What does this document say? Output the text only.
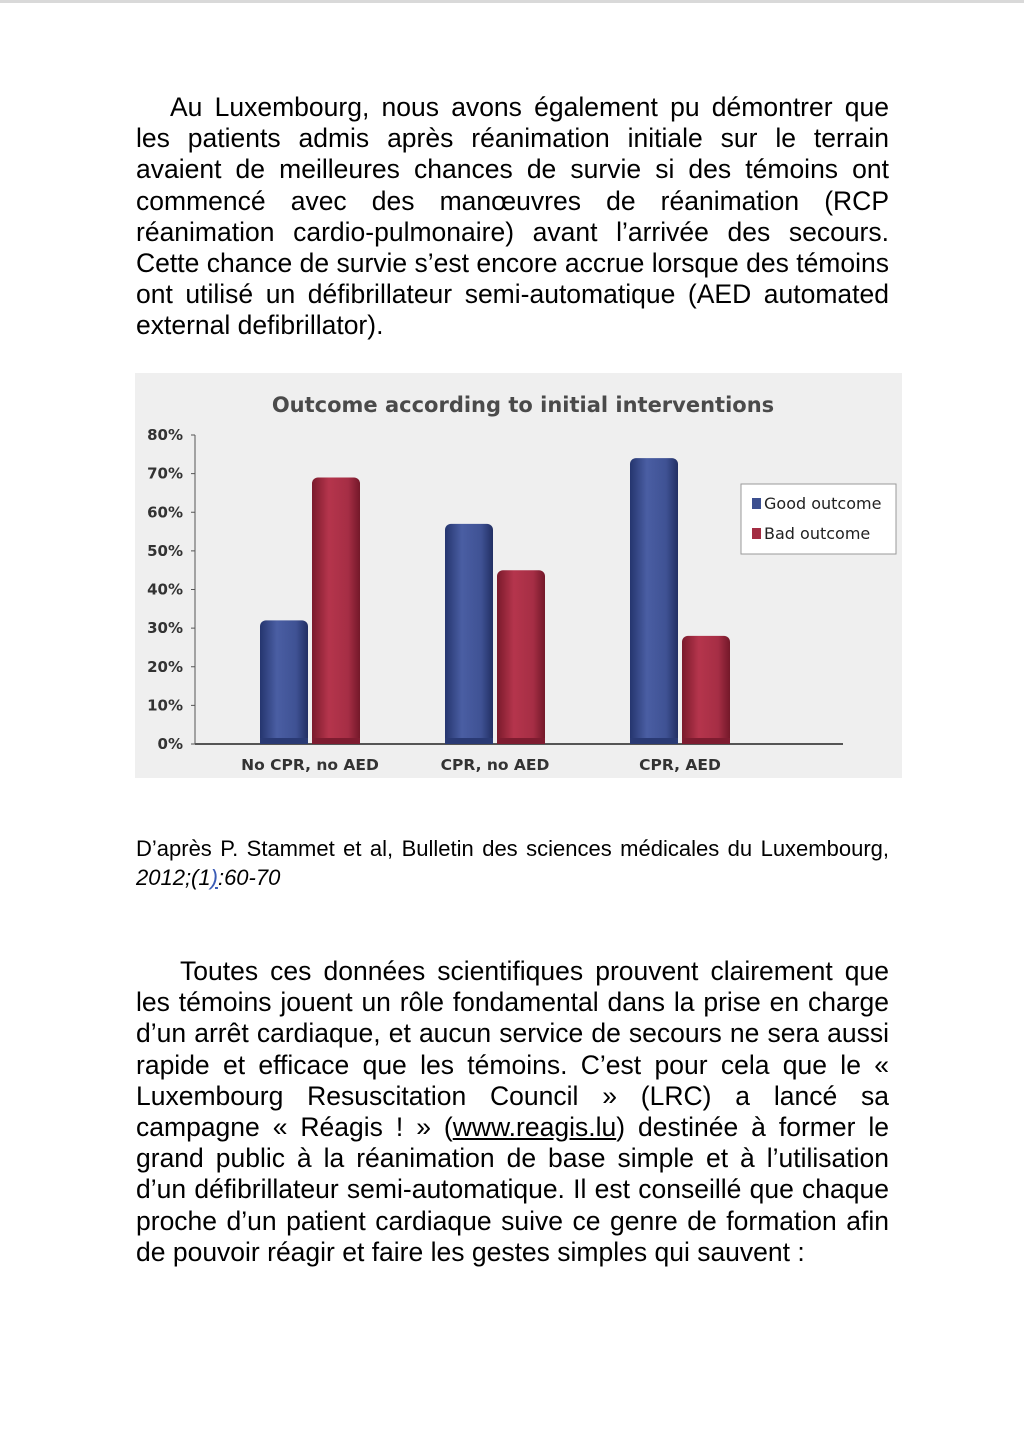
Au Luxembourg, nous avons également pu démontrer que les patients admis après réanimation initiale sur le terrain avaient de meilleures chances de survie si des témoins ont commencé avec des manœuvres de réanimation (RCP réanimation cardio-pulmonaire) avant l’arrivée des secours. Cette chance de survie s’est encore accrue lorsque des témoins ont utilisé un défibrillateur semi-automatique (AED automated external defibrillator).

Outcome according to initial interventions
0%
10%
20%
30%
40%
50%
60%
70%
80%
No CPR, no AED	CPR, no AED	CPR, AED
Good outcome
Bad outcome

D’après P. Stammet et al, Bulletin des sciences médicales du Luxembourg, 2012;(1):60-70

Toutes ces données scientifiques prouvent clairement que les témoins jouent un rôle fondamental dans la prise en charge d’un arrêt cardiaque, et aucun service de secours ne sera aussi rapide et efficace que les témoins. C’est pour cela que le « Luxembourg Resuscitation Council » (LRC) a lancé sa campagne « Réagis ! » (www.reagis.lu) destinée à former le grand public à la réanimation de base simple et à l’utilisation d’un défibrillateur semi-automatique. Il est conseillé que chaque proche d’un patient cardiaque suive ce genre de formation afin de pouvoir réagir et faire les gestes simples qui sauvent :
